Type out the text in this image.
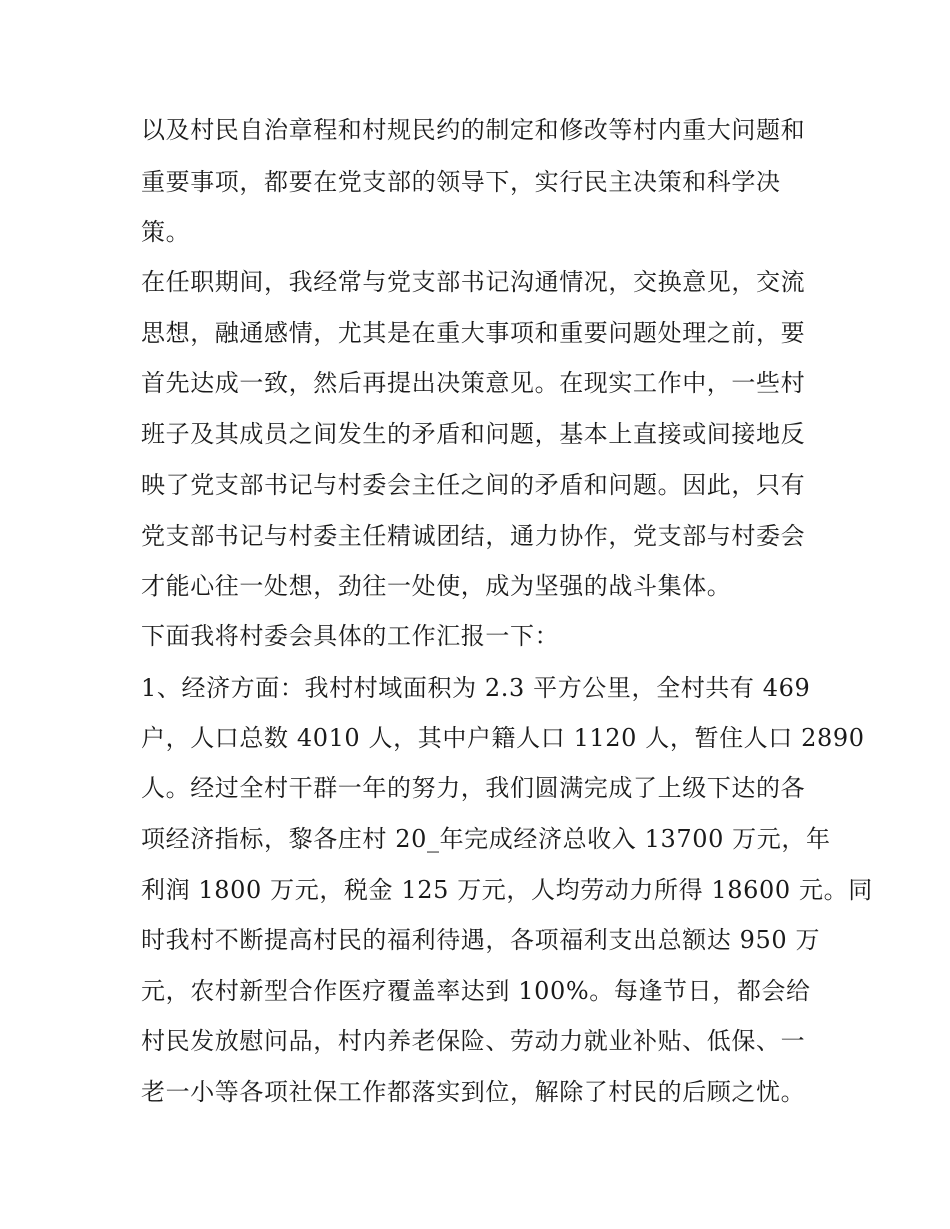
以及村民自治章程和村规民约的制定和修改等村内重大问题和
重要事项，都要在党支部的领导下，实行民主决策和科学决
策。
在任职期间，我经常与党支部书记沟通情况，交换意见，交流
思想，融通感情，尤其是在重大事项和重要问题处理之前，要
首先达成一致，然后再提出决策意见。在现实工作中，一些村
班子及其成员之间发生的矛盾和问题，基本上直接或间接地反
映了党支部书记与村委会主任之间的矛盾和问题。因此，只有
党支部书记与村委主任精诚团结，通力协作，党支部与村委会
才能心往一处想，劲往一处使，成为坚强的战斗集体。
下面我将村委会具体的工作汇报一下：
1、经济方面：我村村域面积为 2.3 平方公里，全村共有 469
户，人口总数 4010 人，其中户籍人口 1120 人，暂住人口 2890
人。经过全村干群一年的努力，我们圆满完成了上级下达的各
项经济指标，黎各庄村 20_年完成经济总收入 13700 万元，年
利润 1800 万元，税金 125 万元，人均劳动力所得 18600 元。同
时我村不断提高村民的福利待遇，各项福利支出总额达 950 万
元，农村新型合作医疗覆盖率达到 100%。每逢节日，都会给
村民发放慰问品，村内养老保险、劳动力就业补贴、低保、一
老一小等各项社保工作都落实到位，解除了村民的后顾之忧。
